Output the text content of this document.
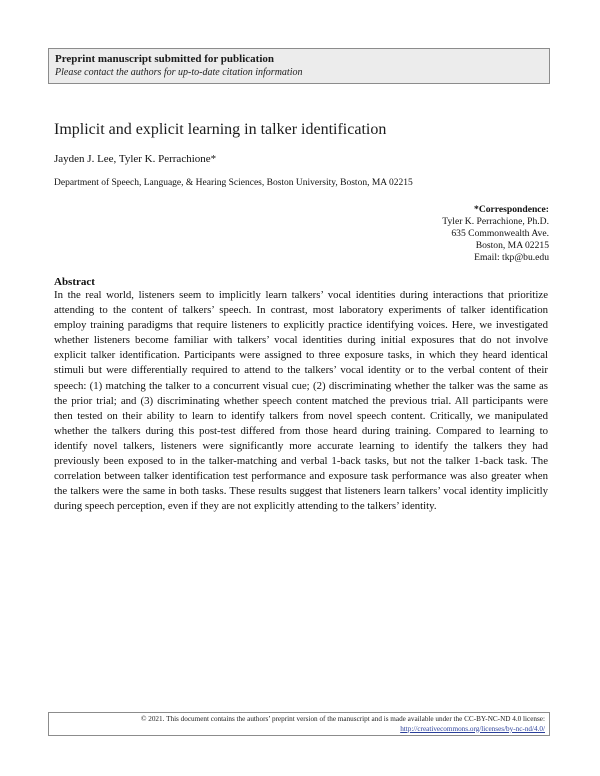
Preprint manuscript submitted for publication
Please contact the authors for up-to-date citation information
Implicit and explicit learning in talker identification
Jayden J. Lee, Tyler K. Perrachione*
Department of Speech, Language, & Hearing Sciences, Boston University, Boston, MA 02215
*Correspondence:
Tyler K. Perrachione, Ph.D.
635 Commonwealth Ave.
Boston, MA 02215
Email: tkp@bu.edu
Abstract

In the real world, listeners seem to implicitly learn talkers’ vocal identities during interactions that prioritize attending to the content of talkers’ speech. In contrast, most laboratory experiments of talker identification employ training paradigms that require listeners to explicitly practice identifying voices. Here, we investigated whether listeners become familiar with talkers’ vocal identities during initial exposures that do not involve explicit talker identification. Participants were assigned to three exposure tasks, in which they heard identical stimuli but were differentially required to attend to the talkers’ vocal identity or to the verbal content of their speech: (1) matching the talker to a concurrent visual cue; (2) discriminating whether the talker was the same as the prior trial; and (3) discriminating whether speech content matched the previous trial. All participants were then tested on their ability to learn to identify talkers from novel speech content. Critically, we manipulated whether the talkers during this post-test differed from those heard during training. Compared to learning to identify novel talkers, listeners were significantly more accurate learning to identify the talkers they had previously been exposed to in the talker-matching and verbal 1-back tasks, but not the talker 1-back task. The correlation between talker identification test performance and exposure task performance was also greater when the talkers were the same in both tasks. These results suggest that listeners learn talkers’ vocal identity implicitly during speech perception, even if they are not explicitly attending to the talkers’ identity.

© 2021. This document contains the authors’ preprint version of the manuscript and is made available under the CC-BY-NC-ND 4.0 license:
http://creativecommons.org/licenses/by-nc-nd/4.0/
